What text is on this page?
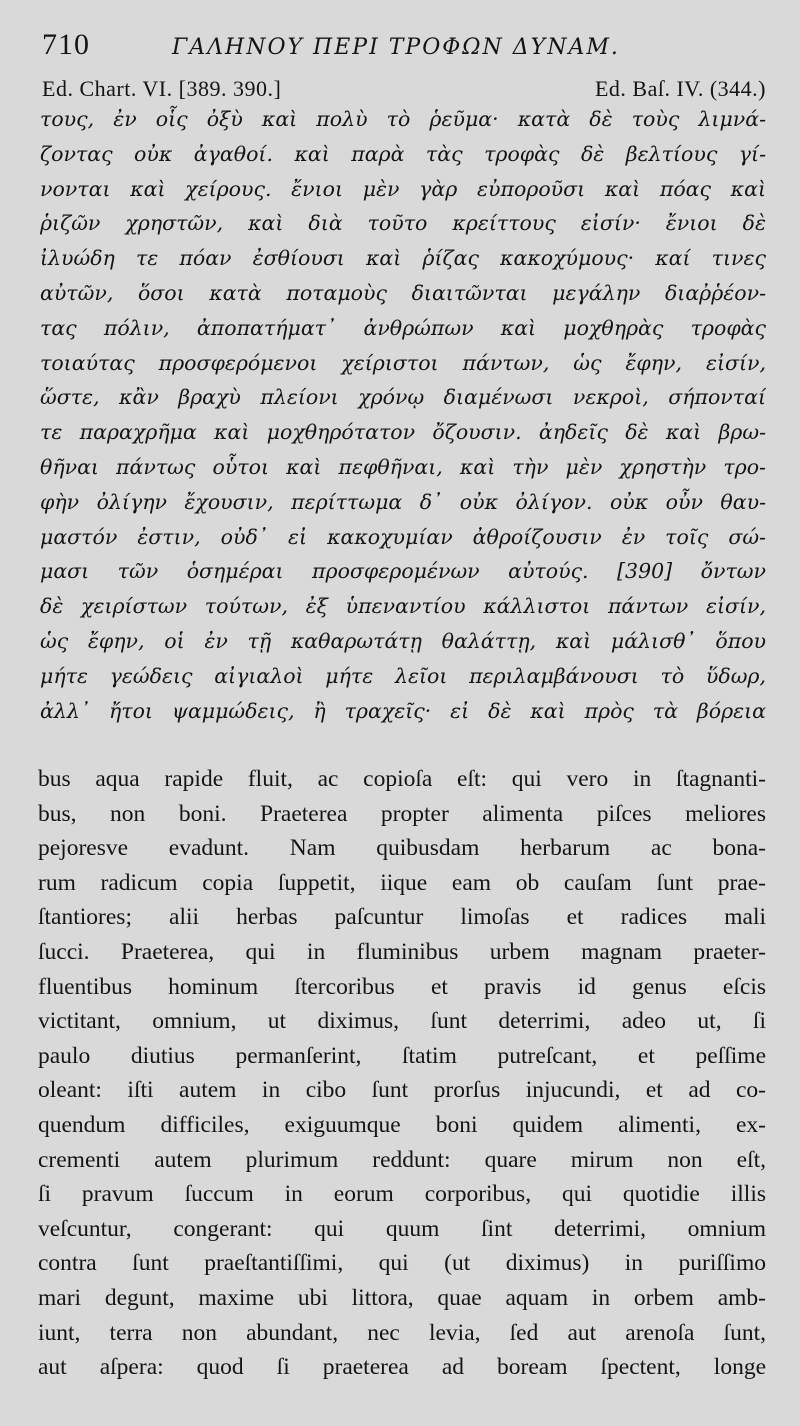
710	ΓΑΛΗΝΟΥ ΠΕΡΙ ΤΡΟΦΩΝ ΔΥΝΑΜ.
Ed. Chart. VI. [389. 390.]	Ed. Baſ. IV. (344.)
τους, ἐν οἷς ὀξὺ καὶ πολὺ τὸ ῥεῦμα· κατὰ δὲ τοὺς λιμνά-
ζοντας οὐκ ἀγαθοί. καὶ παρὰ τὰς τροφὰς δὲ βελτίους γί-
νονται καὶ χείρους. ἔνιοι μὲν γὰρ εὐποροῦσι καὶ πόας καὶ
ῥιζῶν χρηστῶν, καὶ διὰ τοῦτο κρείττους εἰσίν· ἔνιοι δὲ
ἰλυώδη τε πόαν ἐσθίουσι καὶ ῥίζας κακοχύμους· καί τινες
αὐτῶν, ὅσοι κατὰ ποταμοὺς διαιτῶνται μεγάλην διαῤῥέον-
τας πόλιν, ἀποπατήματ᾽ ἀνθρώπων καὶ μοχθηρὰς τροφὰς
τοιαύτας προσφερόμενοι χείριστοι πάντων, ὡς ἔφην, εἰσίν,
ὥστε, κἂν βραχὺ πλείονι χρόνῳ διαμένωσι νεκροὶ, σήπονταί
τε παραχρῆμα καὶ μοχθηρότατον ὄζουσιν. ἀηδεῖς δὲ καὶ βρω-
θῆναι πάντως οὗτοι καὶ πεφθῆναι, καὶ τὴν μὲν χρηστὴν τρο-
φὴν ὀλίγην ἔχουσιν, περίττωμα δ᾽ οὐκ ὀλίγον. οὐκ οὖν θαυ-
μαστόν ἐστιν, οὐδ᾽ εἰ κακοχυμίαν ἀθροίζουσιν ἐν τοῖς σώ-
μασι τῶν ὁσημέραι προσφερομένων αὐτούς. [390] ὄντων
δὲ χειρίστων τούτων, ἐξ ὑπεναντίου κάλλιστοι πάντων εἰσίν,
ὡς ἔφην, οἱ ἐν τῇ καθαρωτάτῃ θαλάττῃ, καὶ μάλισθ᾽ ὅπου
μήτε γεώδεις αἰγιαλοὶ μήτε λεῖοι περιλαμβάνουσι τὸ ὕδωρ,
ἀλλ᾽ ἤτοι ψαμμώδεις, ἢ τραχεῖς· εἰ δὲ καὶ πρὸς τὰ βόρεια
bus aqua rapide fluit, ac copioſa eſt: qui vero in ſtagnanti-
bus, non boni. Praeterea propter alimenta piſces meliores
pejoresve evadunt. Nam quibusdam herbarum ac bona-
rum radicum copia ſuppetit, iique eam ob cauſam ſunt prae-
ſtantiores; alii herbas paſcuntur limoſas et radices mali
ſucci. Praeterea, qui in fluminibus urbem magnam praeter-
fluentibus hominum ſtercoribus et pravis id genus eſcis
victitant, omnium, ut diximus, ſunt deterrimi, adeo ut, ſi
paulo diutius permanſerint, ſtatim putreſcant, et peſſime
oleant: iſti autem in cibo ſunt prorſus injucundi, et ad co-
quendum difficiles, exiguumque boni quidem alimenti, ex-
crementi autem plurimum reddunt: quare mirum non eſt,
ſi pravum ſuccum in eorum corporibus, qui quotidie illis
veſcuntur, congerant: qui quum ſint deterrimi, omnium
contra ſunt praeſtantiſſimi, qui (ut diximus) in puriſſimo
mari degunt, maxime ubi littora, quae aquam in orbem amb-
iunt, terra non abundant, nec levia, ſed aut arenoſa ſunt,
aut aſpera: quod ſi praeterea ad boream ſpectent, longe
